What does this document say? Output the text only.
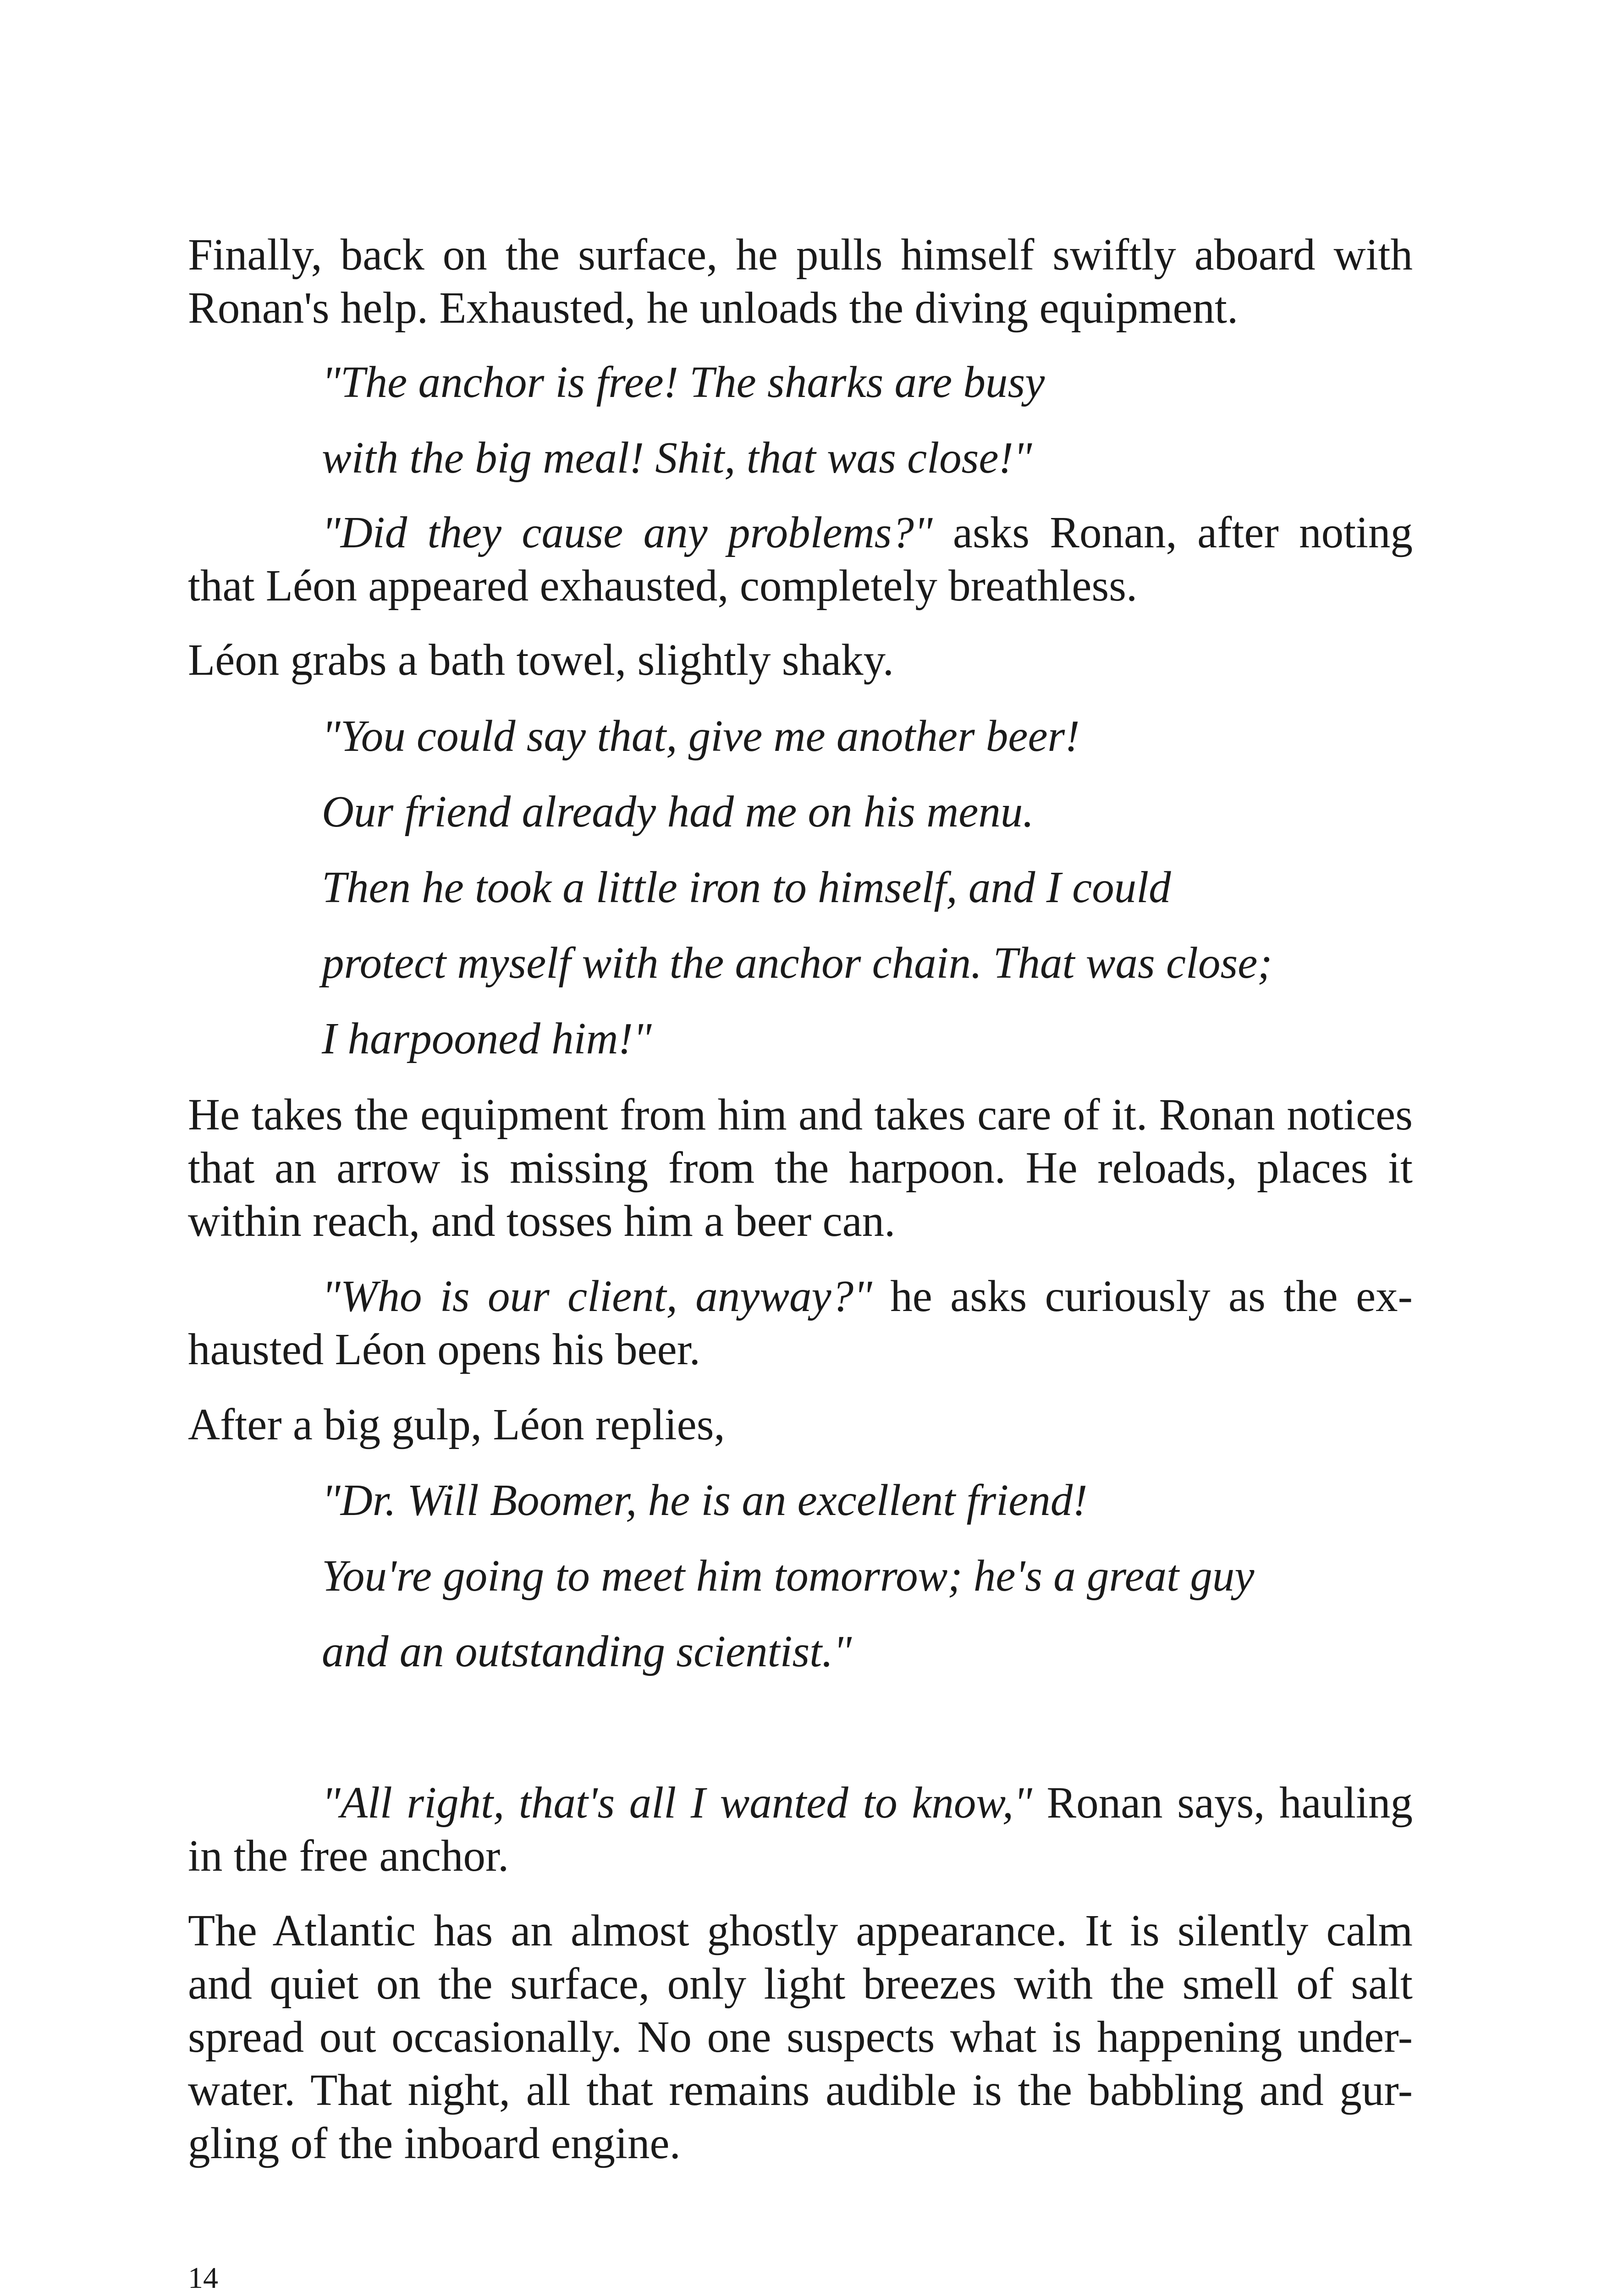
Finally, back on the surface, he pulls himself swiftly aboard with

Ronan's help. Exhausted, he unloads the diving equipment.

"The anchor is free! The sharks are busy

with the big meal! Shit, that was close!"

"Did they cause any problems?" asks Ronan, after noting

that Léon appeared exhausted, completely breathless.

Léon grabs a bath towel, slightly shaky.

"You could say that, give me another beer!

Our friend already had me on his menu.

Then he took a little iron to himself, and I could

protect myself with the anchor chain. That was close;

I harpooned him!"

He takes the equipment from him and takes care of it. Ronan notices

that an arrow is missing from the harpoon. He reloads, places it

within reach, and tosses him a beer can.

"Who is our client, anyway?" he asks curiously as the ex-

hausted Léon opens his beer.

After a big gulp, Léon replies,

"Dr. Will Boomer, he is an excellent friend!

You're going to meet him tomorrow; he's a great guy

and an outstanding scientist."

"All right, that's all I wanted to know," Ronan says, hauling

in the free anchor.

The Atlantic has an almost ghostly appearance. It is silently calm

and quiet on the surface, only light breezes with the smell of salt

spread out occasionally. No one suspects what is happening under-

water. That night, all that remains audible is the babbling and gur-

gling of the inboard engine.

14
